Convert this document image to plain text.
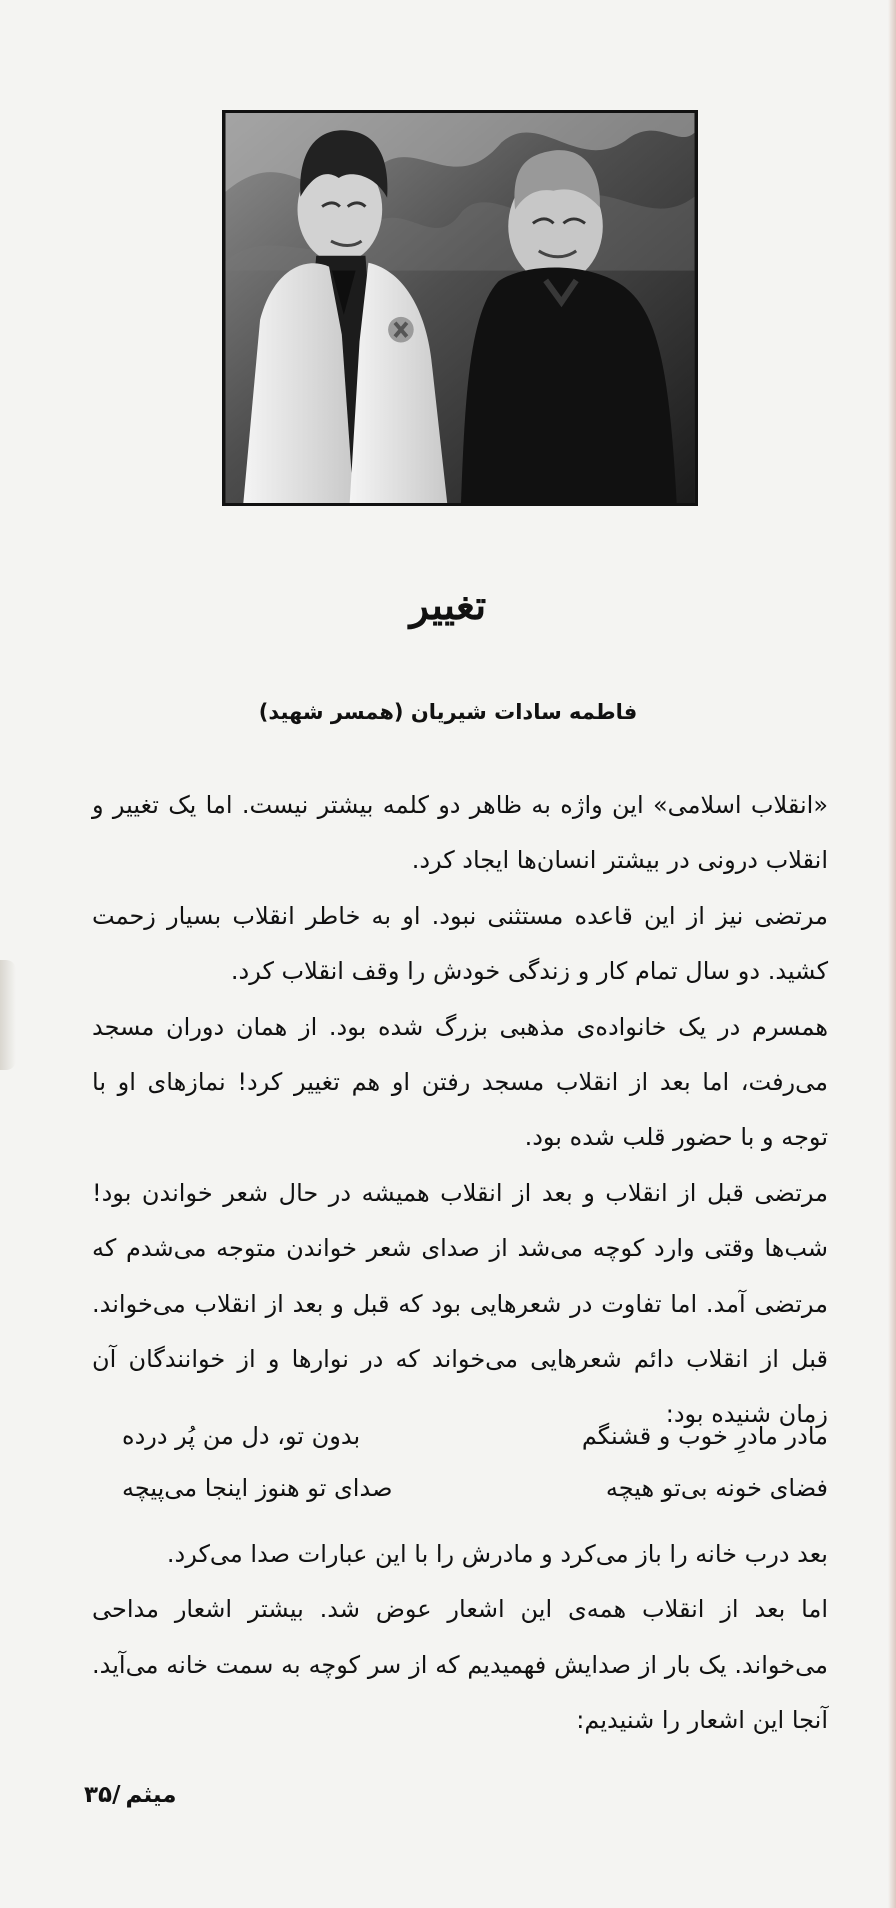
تغییر
فاطمه سادات شیریان (همسر شهید)

«انقلاب اسلامی» این واژه به ظاهر دو کلمه بیشتر نیست. اما یک تغییر و انقلاب درونی در بیشتر انسان‌ها ایجاد کرد.

مرتضی نیز از این قاعده مستثنی نبود. او به خاطر انقلاب بسیار زحمت کشید. دو سال تمام کار و زندگی خودش را وقف انقلاب کرد.

همسرم در یک خانواده‌ی مذهبی بزرگ شده بود. از همان دوران مسجد می‌رفت، اما بعد از انقلاب مسجد رفتن او هم تغییر کرد! نمازهای او با توجه و با حضور قلب شده بود.

مرتضی قبل از انقلاب و بعد از انقلاب همیشه در حال شعر خواندن بود! شب‌ها وقتی وارد کوچه می‌شد از صدای شعر خواندن متوجه می‌شدم که مرتضی آمد. اما تفاوت در شعرهایی بود که قبل و بعد از انقلاب می‌خواند. قبل از انقلاب دائم شعرهایی می‌خواند که در نوارها و از خوانندگان آن زمان شنیده بود:

مادر مادرِ خوب و قشنگم
بدون تو، دل من پُر درده
فضای خونه بی‌تو هیچه
صدای تو هنوز اینجا می‌پیچه

بعد درب خانه را باز می‌کرد و مادرش را با این عبارات صدا می‌کرد.

اما بعد از انقلاب همه‌ی این اشعار عوض شد. بیشتر اشعار مداحی می‌خواند. یک بار از صدایش فهمیدیم که از سر کوچه به سمت خانه می‌آید. آنجا این اشعار را شنیدیم:

میثم
/۳۵
